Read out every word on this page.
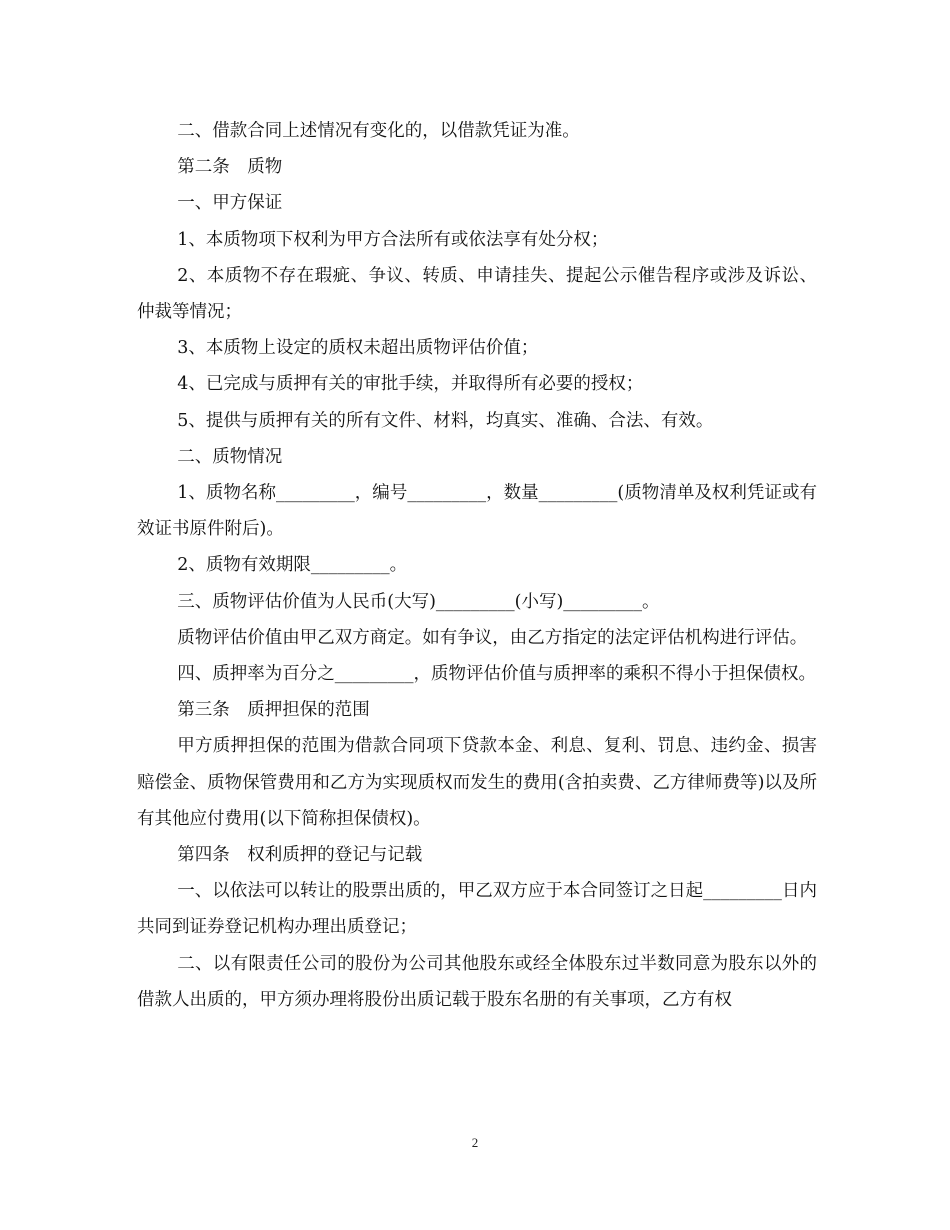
二、借款合同上述情况有变化的，以借款凭证为准。

第二条　质物

一、甲方保证

1、本质物项下权利为甲方合法所有或依法享有处分权；

2、本质物不存在瑕疵、争议、转质、申请挂失、提起公示催告程序或涉及诉讼、仲裁等情况；

3、本质物上设定的质权未超出质物评估价值；

4、已完成与质押有关的审批手续，并取得所有必要的授权；

5、提供与质押有关的所有文件、材料，均真实、准确、合法、有效。

二、质物情况

1、质物名称_________，编号_________，数量_________(质物清单及权利凭证或有效证书原件附后)。

2、质物有效期限_________。

三、质物评估价值为人民币(大写)_________(小写)_________。

质物评估价值由甲乙双方商定。如有争议，由乙方指定的法定评估机构进行评估。

四、质押率为百分之_________，质物评估价值与质押率的乘积不得小于担保债权。

第三条　质押担保的范围

甲方质押担保的范围为借款合同项下贷款本金、利息、复利、罚息、违约金、损害赔偿金、质物保管费用和乙方为实现质权而发生的费用(含拍卖费、乙方律师费等)以及所有其他应付费用(以下简称担保债权)。

第四条　权利质押的登记与记载

一、以依法可以转让的股票出质的，甲乙双方应于本合同签订之日起_________日内共同到证券登记机构办理出质登记；

二、以有限责任公司的股份为公司其他股东或经全体股东过半数同意为股东以外的借款人出质的，甲方须办理将股份出质记载于股东名册的有关事项，乙方有权

2
